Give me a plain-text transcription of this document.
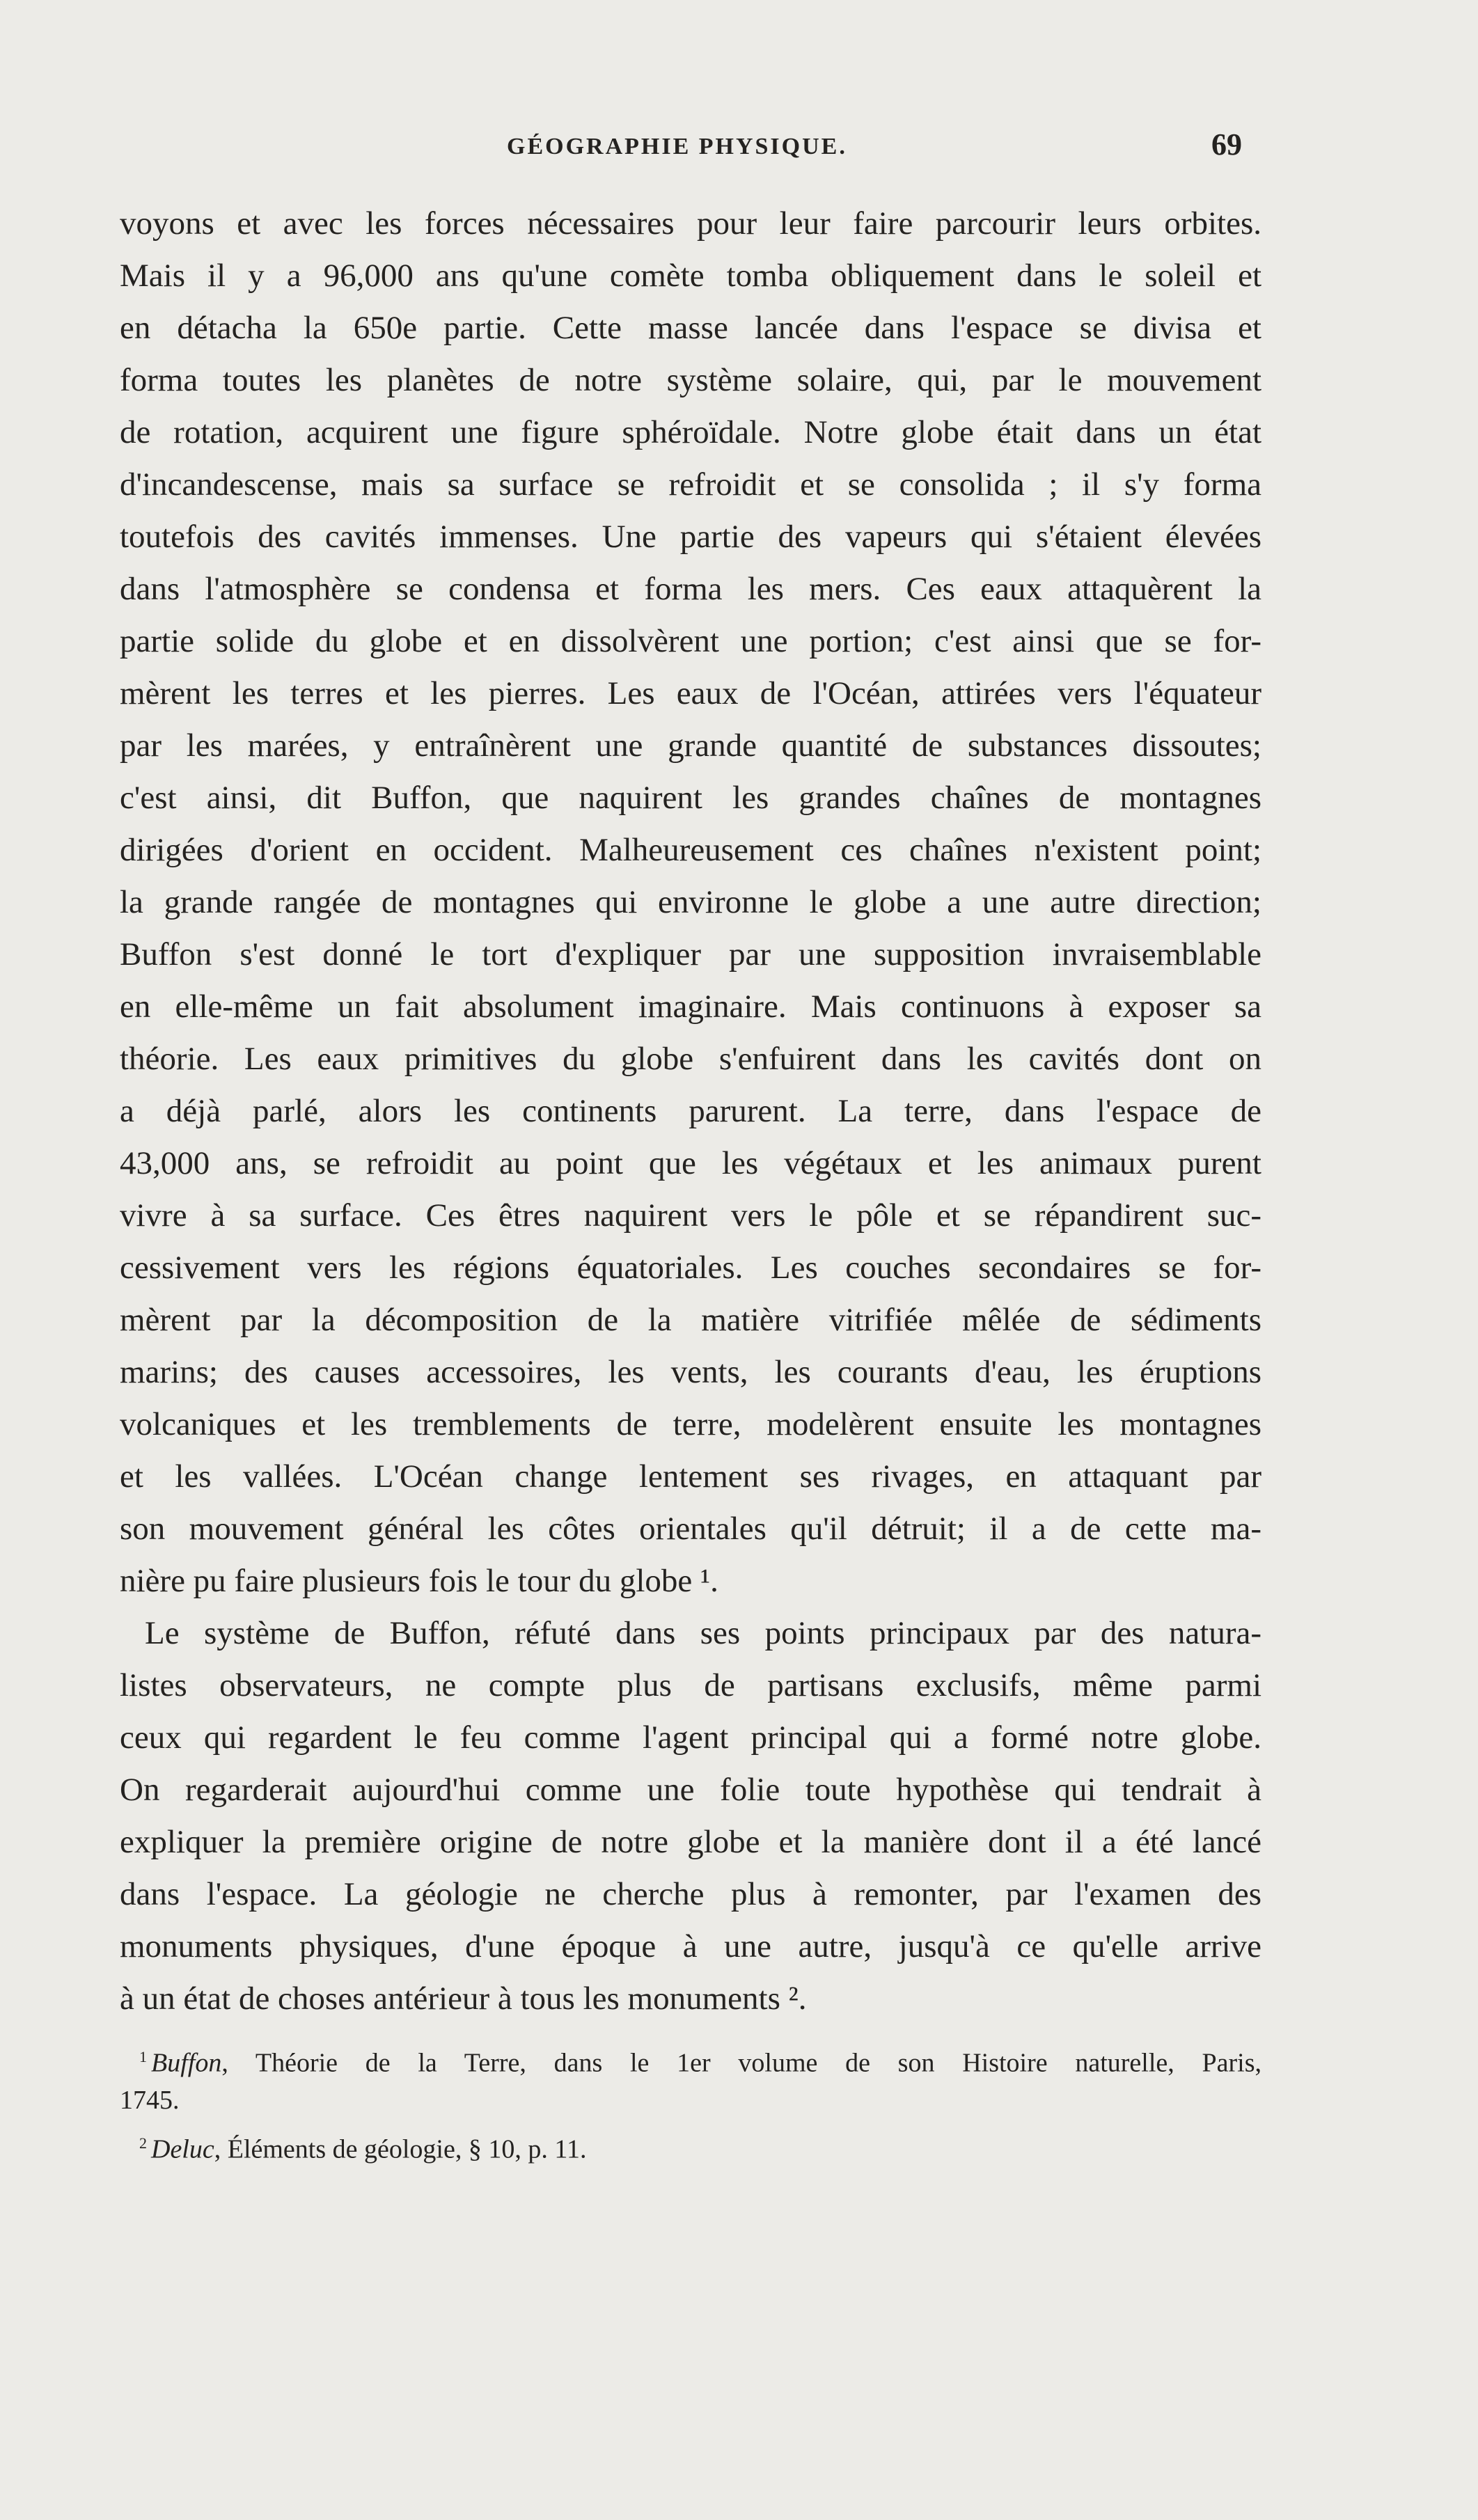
GÉOGRAPHIE PHYSIQUE.	69
voyons et avec les forces nécessaires pour leur faire parcourir leurs orbites.
Mais il y a 96,000 ans qu'une comète tomba obliquement dans le soleil et
en détacha la 650e partie. Cette masse lancée dans l'espace se divisa et
forma toutes les planètes de notre système solaire, qui, par le mouvement
de rotation, acquirent une figure sphéroïdale. Notre globe était dans un état
d'incandescense, mais sa surface se refroidit et se consolida ; il s'y forma
toutefois des cavités immenses. Une partie des vapeurs qui s'étaient élevées
dans l'atmosphère se condensa et forma les mers. Ces eaux attaquèrent la
partie solide du globe et en dissolvèrent une portion; c'est ainsi que se for-
mèrent les terres et les pierres. Les eaux de l'Océan, attirées vers l'équateur
par les marées, y entraînèrent une grande quantité de substances dissoutes;
c'est ainsi, dit Buffon, que naquirent les grandes chaînes de montagnes
dirigées d'orient en occident. Malheureusement ces chaînes n'existent point;
la grande rangée de montagnes qui environne le globe a une autre direction;
Buffon s'est donné le tort d'expliquer par une supposition invraisemblable
en elle-même un fait absolument imaginaire. Mais continuons à exposer sa
théorie. Les eaux primitives du globe s'enfuirent dans les cavités dont on
a déjà parlé, alors les continents parurent. La terre, dans l'espace de
43,000 ans, se refroidit au point que les végétaux et les animaux purent
vivre à sa surface. Ces êtres naquirent vers le pôle et se répandirent suc-
cessivement vers les régions équatoriales. Les couches secondaires se for-
mèrent par la décomposition de la matière vitrifiée mêlée de sédiments
marins; des causes accessoires, les vents, les courants d'eau, les éruptions
volcaniques et les tremblements de terre, modelèrent ensuite les montagnes
et les vallées. L'Océan change lentement ses rivages, en attaquant par
son mouvement général les côtes orientales qu'il détruit; il a de cette ma-
nière pu faire plusieurs fois le tour du globe ¹.
Le système de Buffon, réfuté dans ses points principaux par des natura-
listes observateurs, ne compte plus de partisans exclusifs, même parmi
ceux qui regardent le feu comme l'agent principal qui a formé notre globe.
On regarderait aujourd'hui comme une folie toute hypothèse qui tendrait à
expliquer la première origine de notre globe et la manière dont il a été lancé
dans l'espace. La géologie ne cherche plus à remonter, par l'examen des
monuments physiques, d'une époque à une autre, jusqu'à ce qu'elle arrive
à un état de choses antérieur à tous les monuments ².
$^1$ Buffon, Théorie de la Terre, dans le 1er volume de son Histoire naturelle, Paris,
1745.
$^2$ Deluc, Éléments de géologie, § 10, p. 11.
